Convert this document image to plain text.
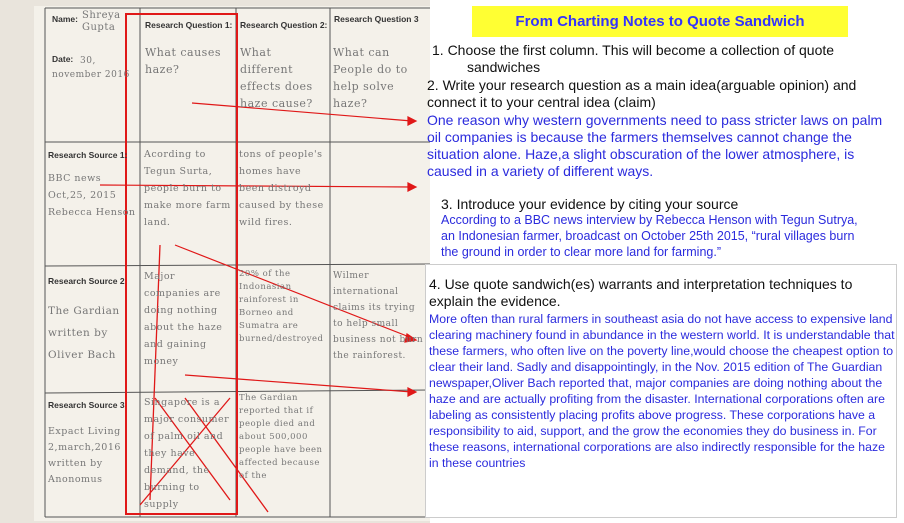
Name: Shreya Gupta
Date: 30, november 2016
Research Question 1: Research Question 2:
Research Question 3
What causes haze?
What different effects does haze cause?
What can People do to help solve haze?
Research Source 1:
BBC news Oct,25, 2015 Rebecca Henson
Acording to Tegun Surta, people burn to make more farm land.
tons of people's homes have been distroyd caused by these wild fires.
Research Source 2
The Gardian written by Oliver Bach
Major companies are doing nothing about the haze and gaining money
20% of the Indonasian rainforest in Borneo and Sumatra are burned/destroyed
Wilmer international claims its trying to help small business not burn the rainforest.
Research Source 3
Expact Living 2,march,2016 written by Anonomus
Singapore is a major consumer of palm oil and they have demand, the burning to supply
The Gardian reported that if people died and about 500,000 people have been affected because of the
From Charting Notes to Quote Sandwich
1. Choose the first column. This will become a collection of quote sandwiches
2. Write your research question as a main idea(arguable opinion) and connect it to your central idea (claim)
One reason why western governments need to pass stricter laws on palm oil companies is because the farmers themselves cannot change the situation alone. Haze,a slight obscuration of the lower atmosphere, is caused in a variety of different ways.
3. Introduce your evidence by citing your source
According to a BBC news interview by Rebecca Henson with Tegun Sutrya, an Indonesian farmer, broadcast on October 25th 2015, “rural villages burn the ground in order to clear more land for farming.”
4. Use quote sandwich(es) warrants and interpretation techniques to explain the evidence.
More often than rural farmers in southeast asia do not have access to expensive land clearing machinery found in abundance in the western world. It is understandable that these farmers, who often live on the poverty line,would choose the cheapest option to clear their land. Sadly and disappointingly, in the Nov. 2015 edition of The Guardian newspaper,Oliver Bach reported that, major companies are doing nothing about the haze and are actually profiting from the disaster. International corporations often are labeling as consistently placing profits above progress. These corporations have a responsibility to aid, support, and the grow the economies they do business in. For these reasons, international corporations are also indirectly responsible for the haze in these countries
